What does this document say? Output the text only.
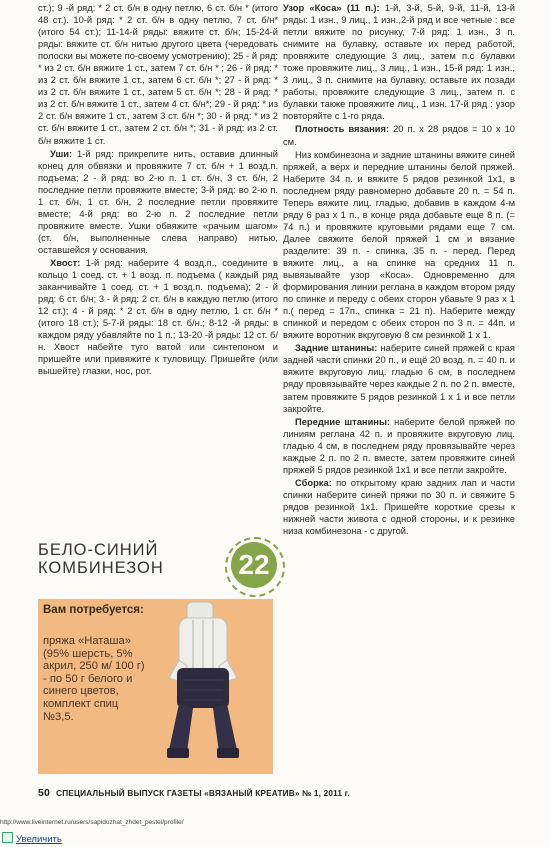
ст.); 9 -й ряд: * 2 ст. б/н в одну петлю, 6 ст. б/н * (итого 48 ст.). 10-й ряд: * 2 ст. б/н в одну петлю, 7 ст. б/н* (итого 54 ст.); 11-14-й ряды: вяжите ст. б/н; 15-24-й ряды: вяжите ст. б/н нитью другого цвета (чередовать полоски вы можете по-своему усмотрению); 25 - й ряд: * из 2 ст. б/н вяжите 1 ст., затем 7 ст. б/н * ; 26 - й ряд: * из 2 ст. б/н вяжите 1 ст., затем 6 ст. б/н *; 27 - й ряд: * из 2 ст. б/н вяжите 1 ст., затем 5 ст. б/н *; 28 - й ряд: * из 2 ст. б/н вяжите 1 ст., затем 4 ст. б/н*; 29 - й ряд: * из 2 ст. б/н вяжите 1 ст., затем 3 ст. б/н *; 30 - й ряд: * из 2 ст. б/н вяжите 1 ст., затем 2 ст. б/н *; 31 - й ряд: из 2 ст. б/н вяжите 1 ст.

Уши: 1-й ряд: прикрепите нить, оставив длинный конец для обвязки и провяжите 7 ст. б/н + 1 возд.п. подъема; 2 - й ряд: во 2-ю п. 1 ст. б/н, 3 ст. б/н, 2 последние петли провяжите вместе; 3-й ряд: во 2-ю п. 1 ст. б/н, 1 ст. б/н, 2 последние петли провяжите вместе; 4-й ряд: во 2-ю п. 2 последние петли провяжите вместе. Ушки обвяжите «рачьим шагом» (ст. б/н, выполненные слева направо) нитью, оставшейся у основания.

Хвост: 1-й ряд: наберите 4 возд.п., соедините в кольцо 1 соед. ст. + 1 возд. п. подъема ( каждый ряд заканчивайте 1 соед. ст. + 1 возд.п. подъема); 2 - й ряд: 6 ст. б/н; 3 - й ряд: 2 ст. б/н в каждую петлю (итого 12 ст.); 4 - й ряд: * 2 ст. б/н в одну петлю, 1 ст. б/н * (итого 18 ст.); 5-7-й ряды: 18 ст. б/н.; 8-12 -й ряды: в каждом ряду убавляйте по 1 п.; 13-20 -й ряды: 12 ст. б/н. Хвост набейте туго ватой или синтепоном и пришейте или привяжите к туловищу. Пришейте (или вышейте) глазки, нос, рот.

БЕЛО-СИНИЙ
КОМБИНЕЗОН	22
Вам потребуется:
пряжа «Наташа» (95% шерсть, 5% акрил, 250 м/ 100 г) - по 50 г белого и синего цветов, комплект спиц №3,5.

Узор «Коса» (11 п.): 1-й, 3-й, 5-й, 9-й, 11-й, 13-й ряды: 1 изн., 9 лиц., 1 изн.,2-й ряд и все четные : все петли вяжите по рисунку, 7-й ряд: 1 изн., 3 п. снимите на булавку, оставьте их перед работой, провяжите следующие 3 лиц., затем п.с булавки тоже провяжите лиц., 3 лиц., 1 изн., 15-й ряд: 1 изн., 3 лиц., 3 п. снимите на булавку, оставьте их позади работы, провяжите следующие 3 лиц., затем п. с булавки также провяжите лиц., 1 изн. 17-й ряд : узор повторяйте с 1-го ряда.

Плотность вязания: 20 п. х 28 рядов = 10 х 10 см.

Низ комбинезона и задние штанины вяжите синей пряжей, а верх и передние штанины белой пряжей. Наберите 34 п. и вяжите 5 рядов резинкой 1х1, в последнем ряду равномерно добавьте 20 п. = 54 п. Теперь вяжите лиц. гладью, добавив в каждом 4-м ряду 6 раз х 1 п., в конце ряда добавьте еще 8 п. (= 74 п.) и провяжите круговыми рядами еще 7 см. Далее свяжите белой пряжей 1 см и вязание разделите: 39 п. - спинка, 35 п. - перед. Перед вяжите лиц., а на спинке на средних 11 п. вывязывайте узор «Коса». Одновременно для формирования линии реглана в каждом втором ряду по спинке и переду с обеих сторон убавьте 9 раз х 1 п.( перед = 17п., спинка = 21 п). Наберите между спинкой и передом с обеих сторон по 3 п. = 44п. и вяжите воротник вкруговую 8 см резинкой 1 х 1.

Задние штанины: наберите синей пряжей с края задней части спинки 20 п., и ещё 20 возд. п. = 40 п. и вяжите вкруговую лиц. гладью 6 см, в последнем ряду провязывайте через каждые 2 п. по 2 п. вместе, затем провяжите 5 рядов резинкой 1 х 1 и все петли закройте.

Передние штанины: наберите белой пряжей по линиям реглана 42 п. и провяжите вкруговую лиц. гладью 4 см, в последнем ряду провязывайте через каждые 2 п. по 2 п. вместе, затем провяжите синей пряжей 5 рядов резинкой 1х1 и все петли закройте.

Сборка: по открытому краю задних лап и части спинки наберите синей пряжи по 30 п. и свяжите 5 рядов резинкой 1х1. Пришейте короткие срезы к нижней части живота с одной стороны, и к резинке низа комбинезона - с другой.

50 СПЕЦИАЛЬНЫЙ ВЫПУСК ГАЗЕТЫ «ВЯЗАНЫЙ КРЕАТИВ» № 1, 2011 г.
http://www.liveinternet.ru/users/sapiduzhat_zhdet_pestel/profile/
Увеличить
